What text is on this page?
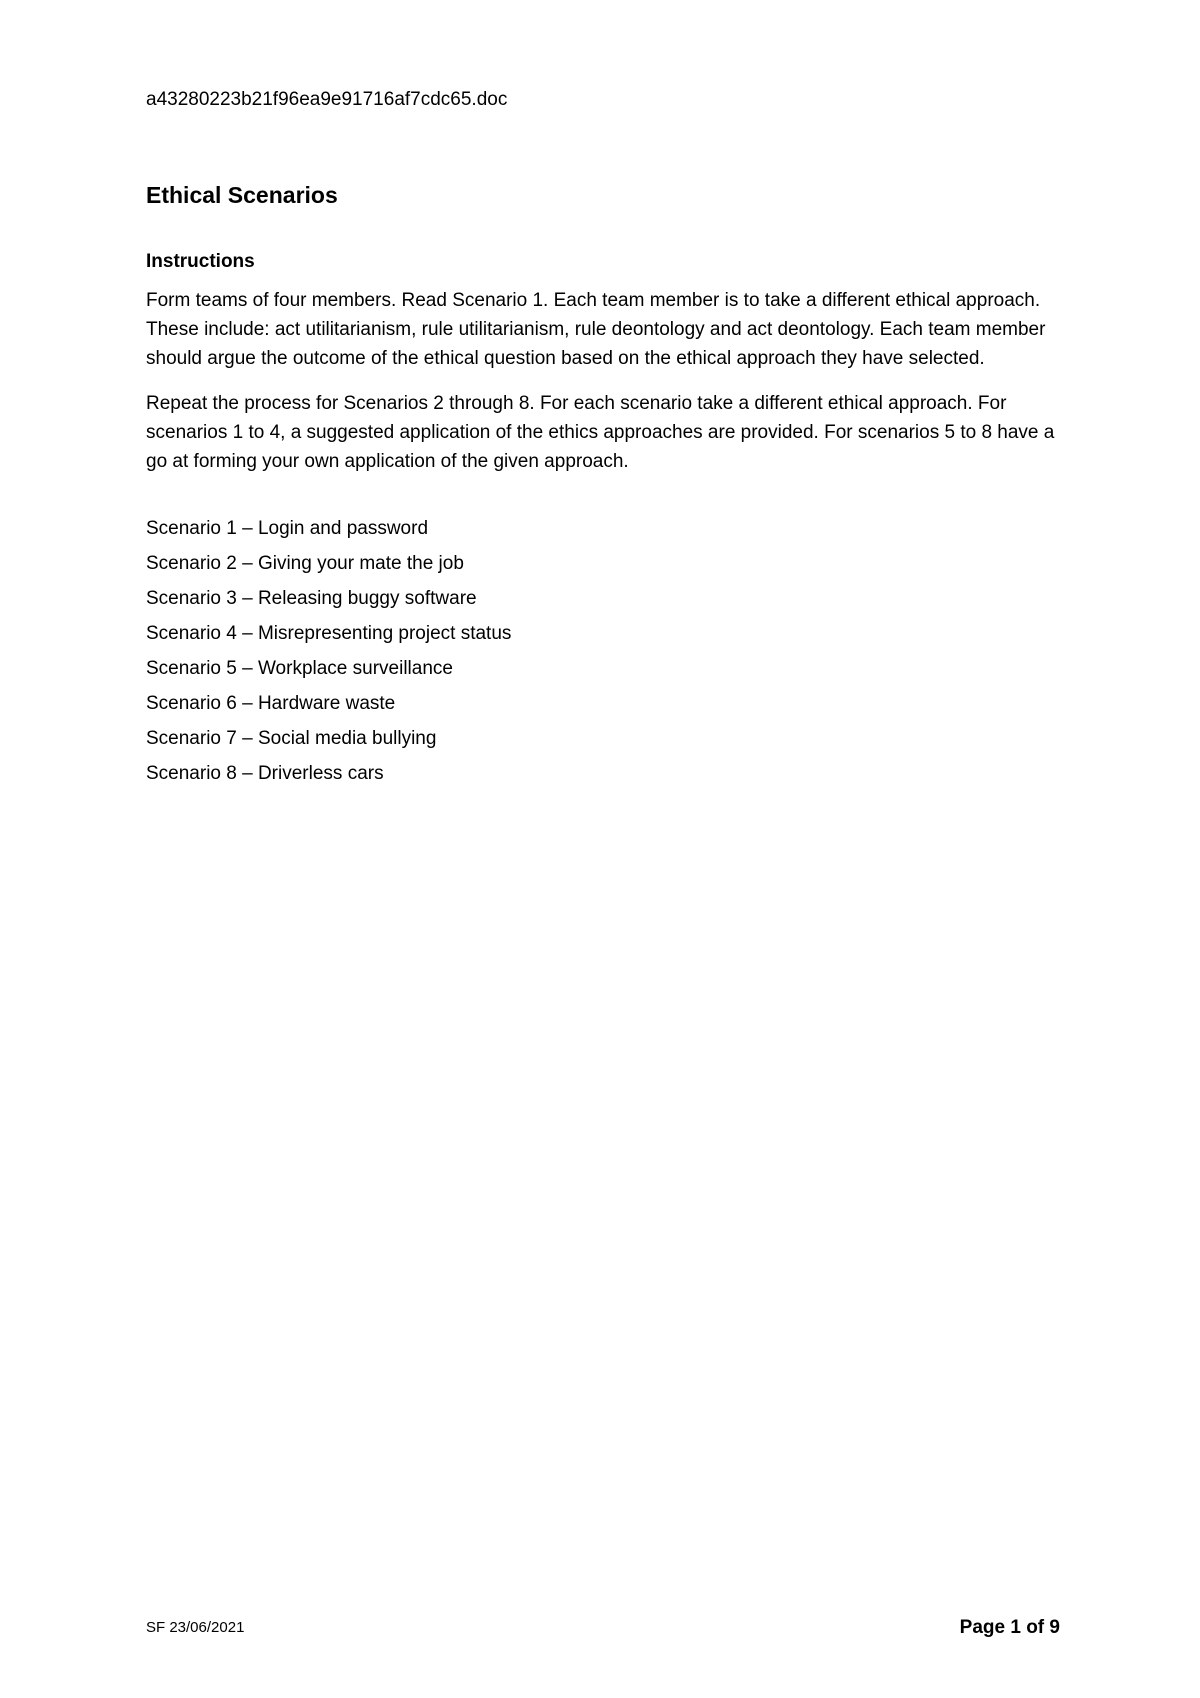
a43280223b21f96ea9e91716af7cdc65.doc
Ethical Scenarios
Instructions

Form teams of four members. Read Scenario 1. Each team member is to take a different ethical approach. These include: act utilitarianism, rule utilitarianism, rule deontology and act deontology. Each team member should argue the outcome of the ethical question based on the ethical approach they have selected.

Repeat the process for Scenarios 2 through 8. For each scenario take a different ethical approach. For scenarios 1 to 4, a suggested application of the ethics approaches are provided. For scenarios 5 to 8 have a go at forming your own application of the given approach.

Scenario 1 – Login and password
Scenario 2 – Giving your mate the job
Scenario 3 – Releasing buggy software
Scenario 4 – Misrepresenting project status
Scenario 5 – Workplace surveillance
Scenario 6 – Hardware waste
Scenario 7 – Social media bullying
Scenario 8 – Driverless cars
SF 23/06/2021	Page 1 of 9
